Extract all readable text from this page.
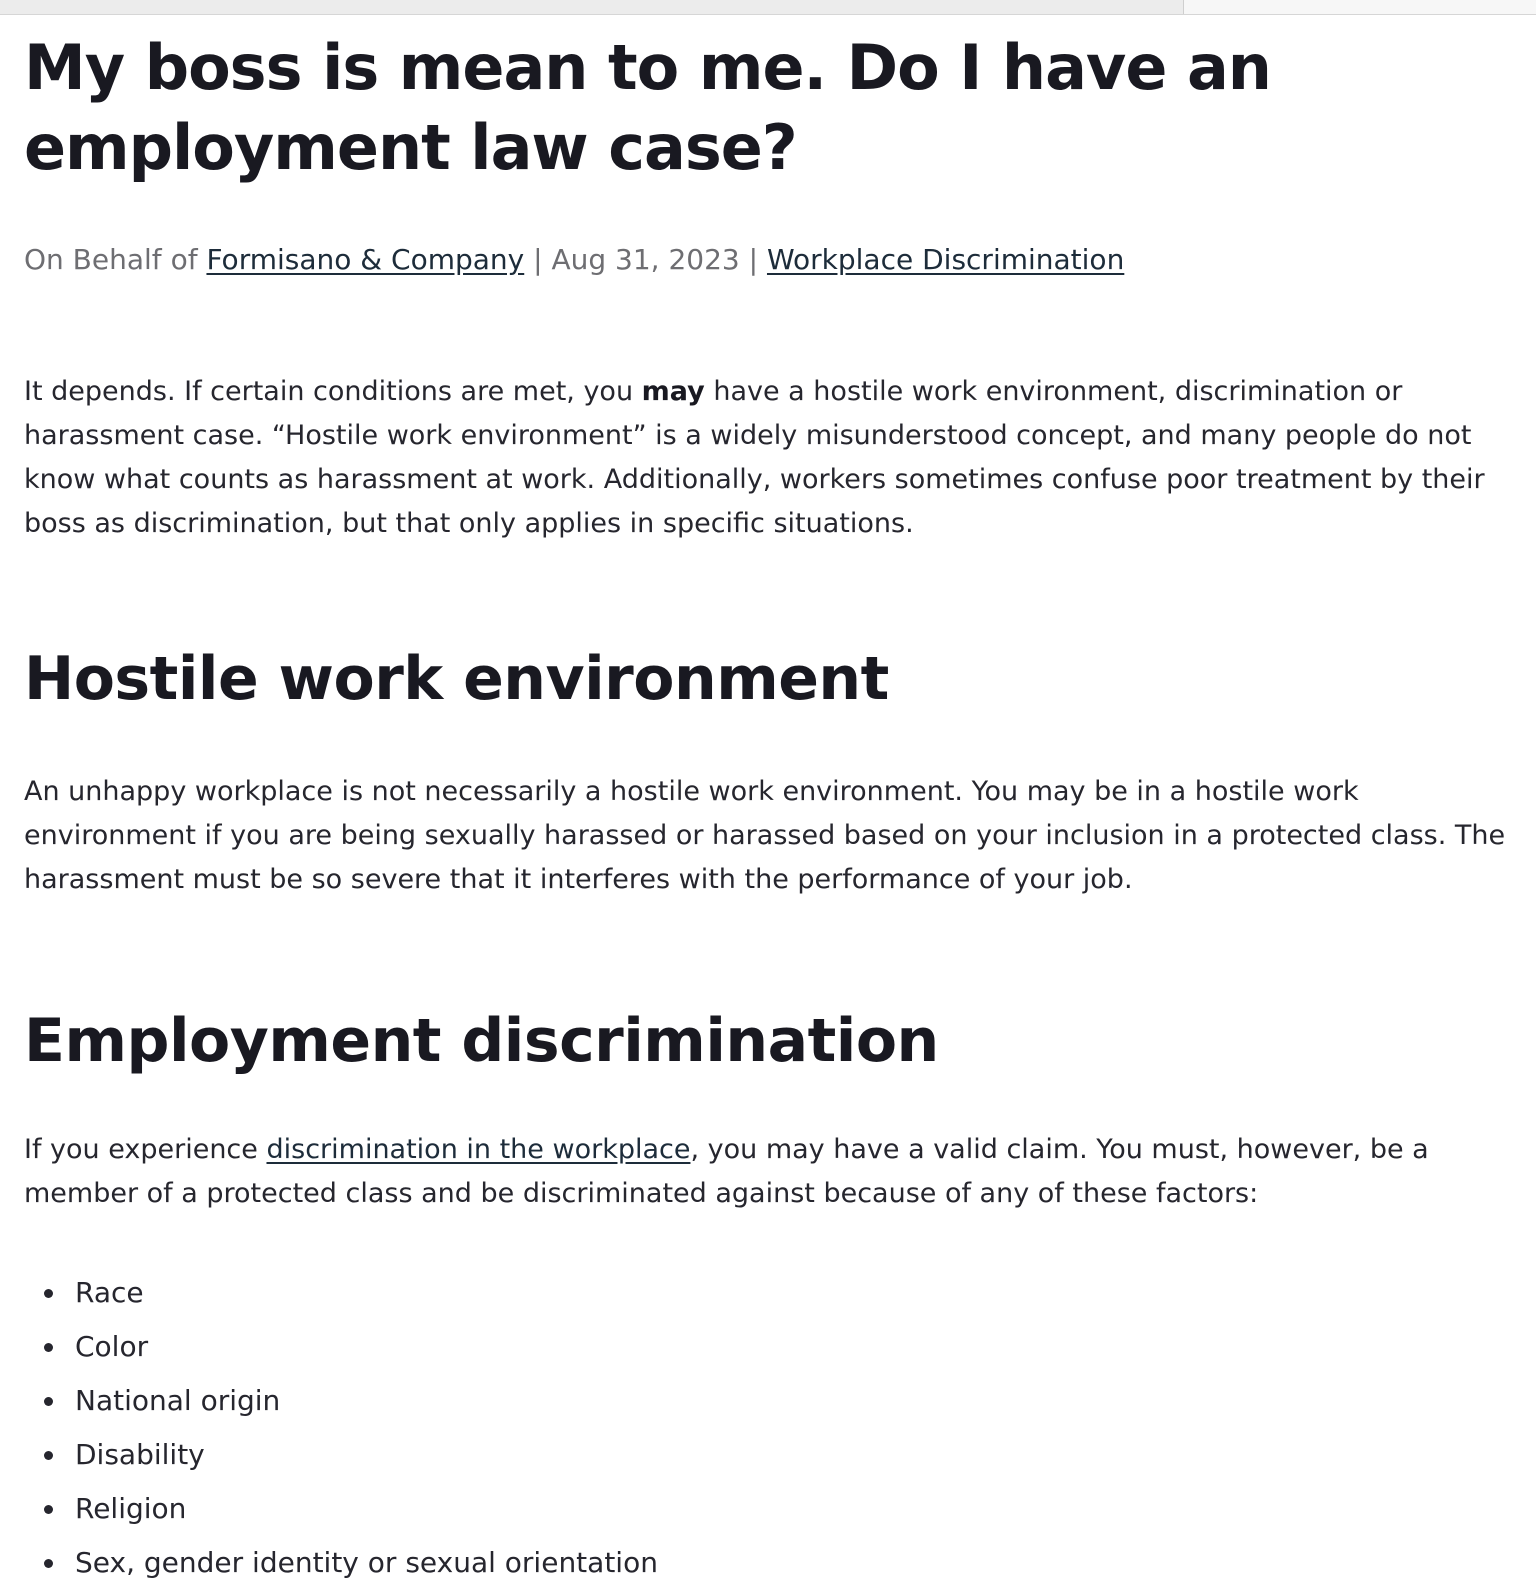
My boss is mean to me. Do I have an employment law case?
On Behalf of Formisano & Company | Aug 31, 2023 | Workplace Discrimination

It depends. If certain conditions are met, you may have a hostile work environment, discrimination or harassment case. “Hostile work environment” is a widely misunderstood concept, and many people do not know what counts as harassment at work. Additionally, workers sometimes confuse poor treatment by their boss as discrimination, but that only applies in specific situations.

Hostile work environment

An unhappy workplace is not necessarily a hostile work environment. You may be in a hostile work environment if you are being sexually harassed or harassed based on your inclusion in a protected class. The harassment must be so severe that it interferes with the performance of your job.

Employment discrimination

If you experience discrimination in the workplace, you may have a valid claim. You must, however, be a member of a protected class and be discriminated against because of any of these factors:

Race
Color
National origin
Disability
Religion
Sex, gender identity or sexual orientation
